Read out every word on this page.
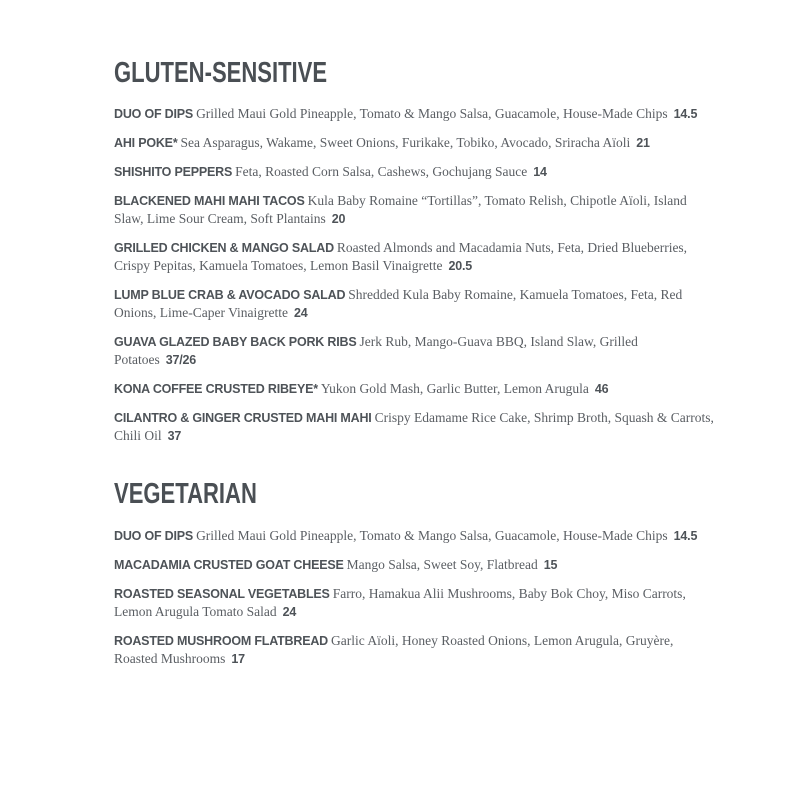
GLUTEN-SENSITIVE

DUO OF DIPS Grilled Maui Gold Pineapple, Tomato & Mango Salsa, Guacamole, House-Made Chips 14.5

AHI POKE* Sea Asparagus, Wakame, Sweet Onions, Furikake, Tobiko, Avocado, Sriracha Aïoli 21

SHISHITO PEPPERS Feta, Roasted Corn Salsa, Cashews, Gochujang Sauce 14

BLACKENED MAHI MAHI TACOS Kula Baby Romaine “Tortillas”, Tomato Relish, Chipotle Aïoli, Island Slaw, Lime Sour Cream, Soft Plantains 20

GRILLED CHICKEN & MANGO SALAD Roasted Almonds and Macadamia Nuts, Feta, Dried Blueberries, Crispy Pepitas, Kamuela Tomatoes, Lemon Basil Vinaigrette 20.5

LUMP BLUE CRAB & AVOCADO SALAD Shredded Kula Baby Romaine, Kamuela Tomatoes, Feta, Red Onions, Lime-Caper Vinaigrette 24

GUAVA GLAZED BABY BACK PORK RIBS Jerk Rub, Mango-Guava BBQ, Island Slaw, Grilled Potatoes 37/26

KONA COFFEE CRUSTED RIBEYE* Yukon Gold Mash, Garlic Butter, Lemon Arugula 46

CILANTRO & GINGER CRUSTED MAHI MAHI Crispy Edamame Rice Cake, Shrimp Broth, Squash & Carrots, Chili Oil 37

VEGETARIAN

DUO OF DIPS Grilled Maui Gold Pineapple, Tomato & Mango Salsa, Guacamole, House-Made Chips 14.5

MACADAMIA CRUSTED GOAT CHEESE Mango Salsa, Sweet Soy, Flatbread 15

ROASTED SEASONAL VEGETABLES Farro, Hamakua Alii Mushrooms, Baby Bok Choy, Miso Carrots, Lemon Arugula Tomato Salad 24

ROASTED MUSHROOM FLATBREAD Garlic Aïoli, Honey Roasted Onions, Lemon Arugula, Gruyère, Roasted Mushrooms 17
